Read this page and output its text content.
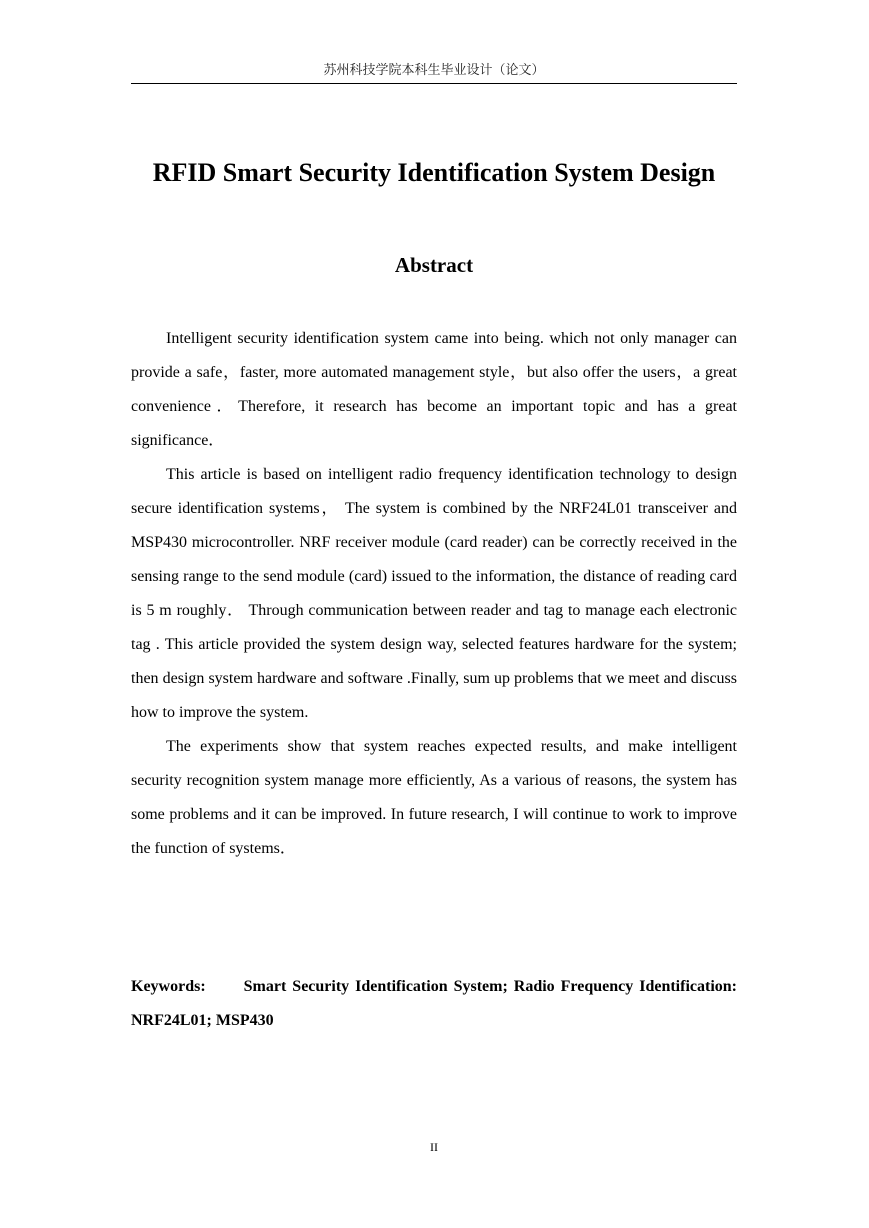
苏州科技学院本科生毕业设计（论文）
RFID Smart Security Identification System Design
Abstract

Intelligent security identification system came into being. which not only manager can provide a safe，faster, more automated management style，but also offer the users，a great convenience．Therefore, it research has become an important topic and has a great significance．

This article is based on intelligent radio frequency identification technology to design secure identification systems， The system is combined by the NRF24L01 transceiver and MSP430 microcontroller. NRF receiver module (card reader) can be correctly received in the sensing range to the send module (card) issued to the information, the distance of reading card is 5 m roughly． Through communication between reader and tag to manage each electronic tag . This article provided the system design way, selected features hardware for the system; then design system hardware and software .Finally, sum up problems that we meet and discuss how to improve the system.

The experiments show that system reaches expected results, and make intelligent security recognition system manage more efficiently, As a various of reasons, the system has some problems and it can be improved. In future research, I will continue to work to improve the function of systems．

Keywords: Smart Security Identification System; Radio Frequency Identification: NRF24L01; MSP430

II
